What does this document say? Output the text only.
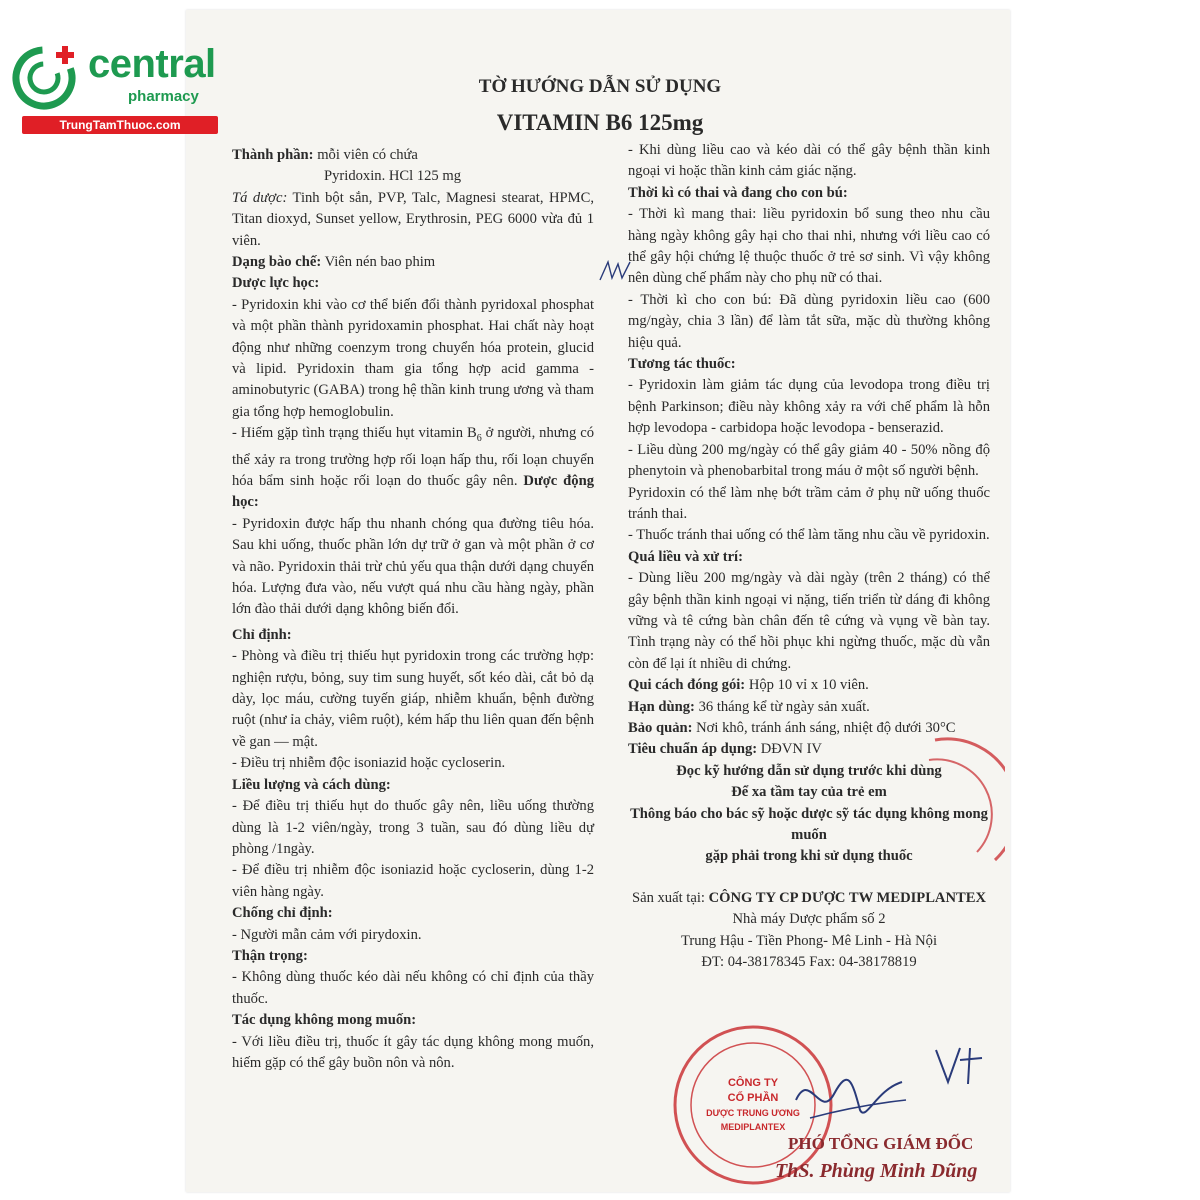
central
pharmacy
TrungTamThuoc.com
TỜ HƯỚNG DẪN SỬ DỤNG
VITAMIN B6 125mg

Thành phần: mỗi viên có chứa

Pyridoxin. HCl 125 mg

Tá dược: Tinh bột sắn, PVP, Talc, Magnesi stearat, HPMC, Titan dioxyd, Sunset yellow, Erythrosin, PEG 6000 vừa đủ 1 viên.

Dạng bào chế: Viên nén bao phim

Dược lực học:

- Pyridoxin khi vào cơ thể biến đổi thành pyridoxal phosphat và một phần thành pyridoxamin phosphat. Hai chất này hoạt động như những coenzym trong chuyển hóa protein, glucid và lipid. Pyridoxin tham gia tổng hợp acid gamma - aminobutyric (GABA) trong hệ thần kinh trung ương và tham gia tổng hợp hemoglobulin.

- Hiếm gặp tình trạng thiếu hụt vitamin $B_6$ ở người, nhưng có thể xảy ra trong trường hợp rối loạn hấp thu, rối loạn chuyển hóa bẩm sinh hoặc rối loạn do thuốc gây nên. Dược động học:

- Pyridoxin được hấp thu nhanh chóng qua đường tiêu hóa. Sau khi uống, thuốc phần lớn dự trữ ở gan và một phần ở cơ và não. Pyridoxin thải trừ chủ yếu qua thận dưới dạng chuyển hóa. Lượng đưa vào, nếu vượt quá nhu cầu hàng ngày, phần lớn đào thải dưới dạng không biến đổi.

Chỉ định:

- Phòng và điều trị thiếu hụt pyridoxin trong các trường hợp: nghiện rượu, bỏng, suy tim sung huyết, sốt kéo dài, cắt bỏ dạ dày, lọc máu, cường tuyến giáp, nhiễm khuẩn, bệnh đường ruột (như ỉa chảy, viêm ruột), kém hấp thu liên quan đến bệnh về gan — mật.

- Điều trị nhiễm độc isoniazid hoặc cycloserin.

Liều lượng và cách dùng:

- Để điều trị thiếu hụt do thuốc gây nên, liều uống thường dùng là 1-2 viên/ngày, trong 3 tuần, sau đó dùng liều dự phòng /1ngày.

- Để điều trị nhiễm độc isoniazid hoặc cycloserin, dùng 1-2 viên hàng ngày.

Chống chỉ định:

- Người mẫn cảm với pirydoxin.

Thận trọng:

- Không dùng thuốc kéo dài nếu không có chỉ định của thầy thuốc.

Tác dụng không mong muốn:

- Với liều điều trị, thuốc ít gây tác dụng không mong muốn, hiếm gặp có thể gây buồn nôn và nôn.

- Khi dùng liều cao và kéo dài có thể gây bệnh thần kinh ngoại vi hoặc thần kinh cảm giác nặng.

Thời kì có thai và đang cho con bú:

- Thời kì mang thai: liều pyridoxin bổ sung theo nhu cầu hàng ngày không gây hại cho thai nhi, nhưng với liều cao có thể gây hội chứng lệ thuộc thuốc ở trẻ sơ sinh. Vì vậy không nên dùng chế phẩm này cho phụ nữ có thai.

- Thời kì cho con bú: Đã dùng pyridoxin liều cao (600 mg/ngày, chia 3 lần) để làm tắt sữa, mặc dù thường không hiệu quả.

Tương tác thuốc:

- Pyridoxin làm giảm tác dụng của levodopa trong điều trị bệnh Parkinson; điều này không xảy ra với chế phẩm là hỗn hợp levodopa - carbidopa hoặc levodopa - benserazid.

- Liều dùng 200 mg/ngày có thể gây giảm 40 - 50% nồng độ phenytoin và phenobarbital trong máu ở một số người bệnh.

Pyridoxin có thể làm nhẹ bớt trầm cảm ở phụ nữ uống thuốc tránh thai.

- Thuốc tránh thai uống có thể làm tăng nhu cầu về pyridoxin.

Quá liều và xử trí:

- Dùng liều 200 mg/ngày và dài ngày (trên 2 tháng) có thể gây bệnh thần kinh ngoại vi nặng, tiến triển từ dáng đi không vững và tê cứng bàn chân đến tê cứng và vụng về bàn tay. Tình trạng này có thể hồi phục khi ngừng thuốc, mặc dù vẫn còn để lại ít nhiều di chứng.

Qui cách đóng gói: Hộp 10 vỉ x 10 viên.

Hạn dùng: 36 tháng kể từ ngày sản xuất.

Bảo quản: Nơi khô, tránh ánh sáng, nhiệt độ dưới 30°C

Tiêu chuẩn áp dụng: DĐVN IV

Đọc kỹ hướng dẫn sử dụng trước khi dùng

Để xa tầm tay của trẻ em

Thông báo cho bác sỹ hoặc dược sỹ tác dụng không mong muốn

gặp phải trong khi sử dụng thuốc

Sản xuất tại: CÔNG TY CP DƯỢC TW MEDIPLANTEX

Nhà máy Dược phẩm số 2

Trung Hậu - Tiền Phong- Mê Linh - Hà Nội

ĐT: 04-38178345 Fax: 04-38178819

CÔNG TY
CỔ PHẦN
DƯỢC TRUNG ƯƠNG
MEDIPLANTEX
PHÓ TỔNG GIÁM ĐỐC
ThS. Phùng Minh Dũng
